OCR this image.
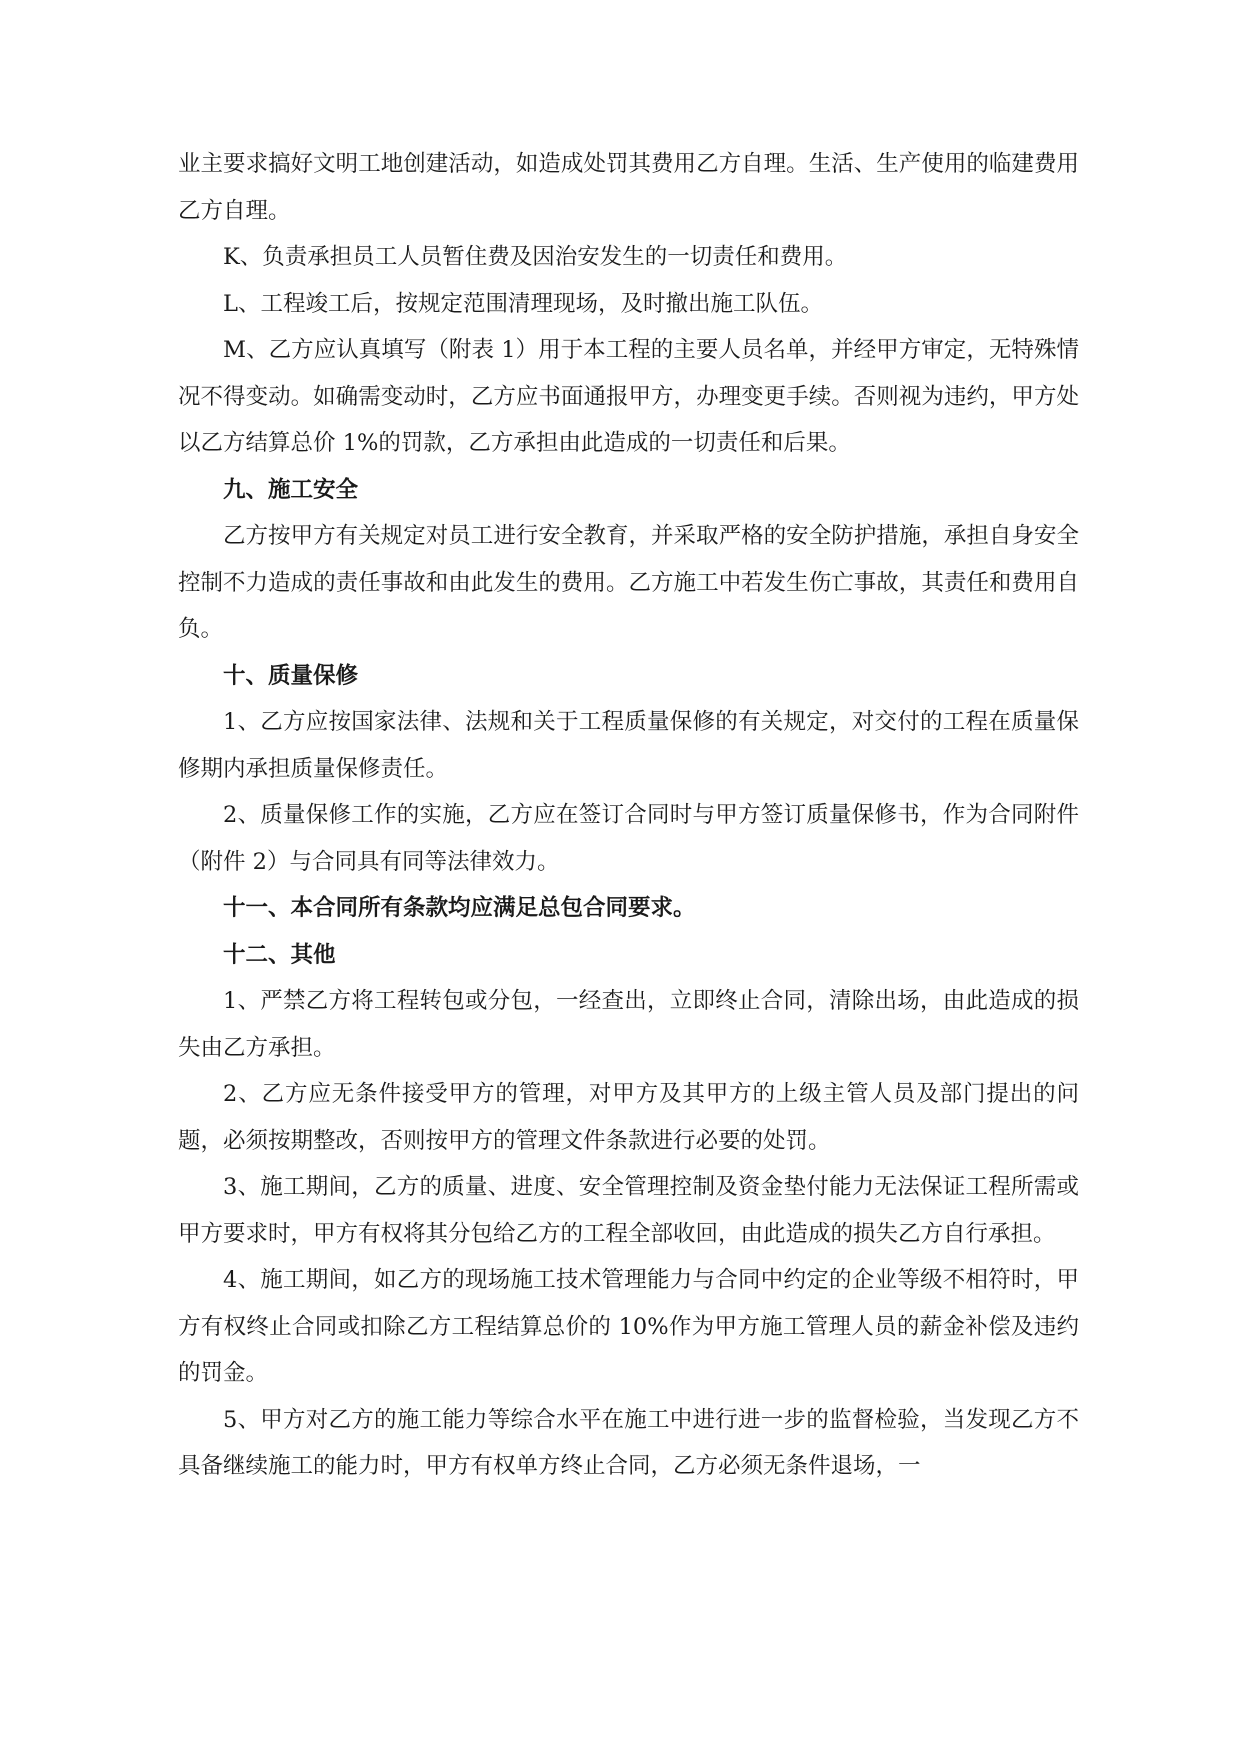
业主要求搞好文明工地创建活动，如造成处罚其费用乙方自理。生活、生产使用的临建费用乙方自理。

K、负责承担员工人员暂住费及因治安发生的一切责任和费用。

L、工程竣工后，按规定范围清理现场，及时撤出施工队伍。

M、乙方应认真填写（附表 1）用于本工程的主要人员名单，并经甲方审定，无特殊情况不得变动。如确需变动时，乙方应书面通报甲方，办理变更手续。否则视为违约，甲方处以乙方结算总价 1%的罚款，乙方承担由此造成的一切责任和后果。

九、施工安全

乙方按甲方有关规定对员工进行安全教育，并采取严格的安全防护措施，承担自身安全控制不力造成的责任事故和由此发生的费用。乙方施工中若发生伤亡事故，其责任和费用自负。

十、质量保修

1、乙方应按国家法律、法规和关于工程质量保修的有关规定，对交付的工程在质量保修期内承担质量保修责任。

2、质量保修工作的实施，乙方应在签订合同时与甲方签订质量保修书，作为合同附件（附件 2）与合同具有同等法律效力。

十一、本合同所有条款均应满足总包合同要求。

十二、其他

1、严禁乙方将工程转包或分包，一经查出，立即终止合同，清除出场，由此造成的损失由乙方承担。

2、乙方应无条件接受甲方的管理，对甲方及其甲方的上级主管人员及部门提出的问题，必须按期整改，否则按甲方的管理文件条款进行必要的处罚。

3、施工期间，乙方的质量、进度、安全管理控制及资金垫付能力无法保证工程所需或甲方要求时，甲方有权将其分包给乙方的工程全部收回，由此造成的损失乙方自行承担。

4、施工期间，如乙方的现场施工技术管理能力与合同中约定的企业等级不相符时，甲方有权终止合同或扣除乙方工程结算总价的 10%作为甲方施工管理人员的薪金补偿及违约的罚金。

5、甲方对乙方的施工能力等综合水平在施工中进行进一步的监督检验，当发现乙方不具备继续施工的能力时，甲方有权单方终止合同，乙方必须无条件退场，一
